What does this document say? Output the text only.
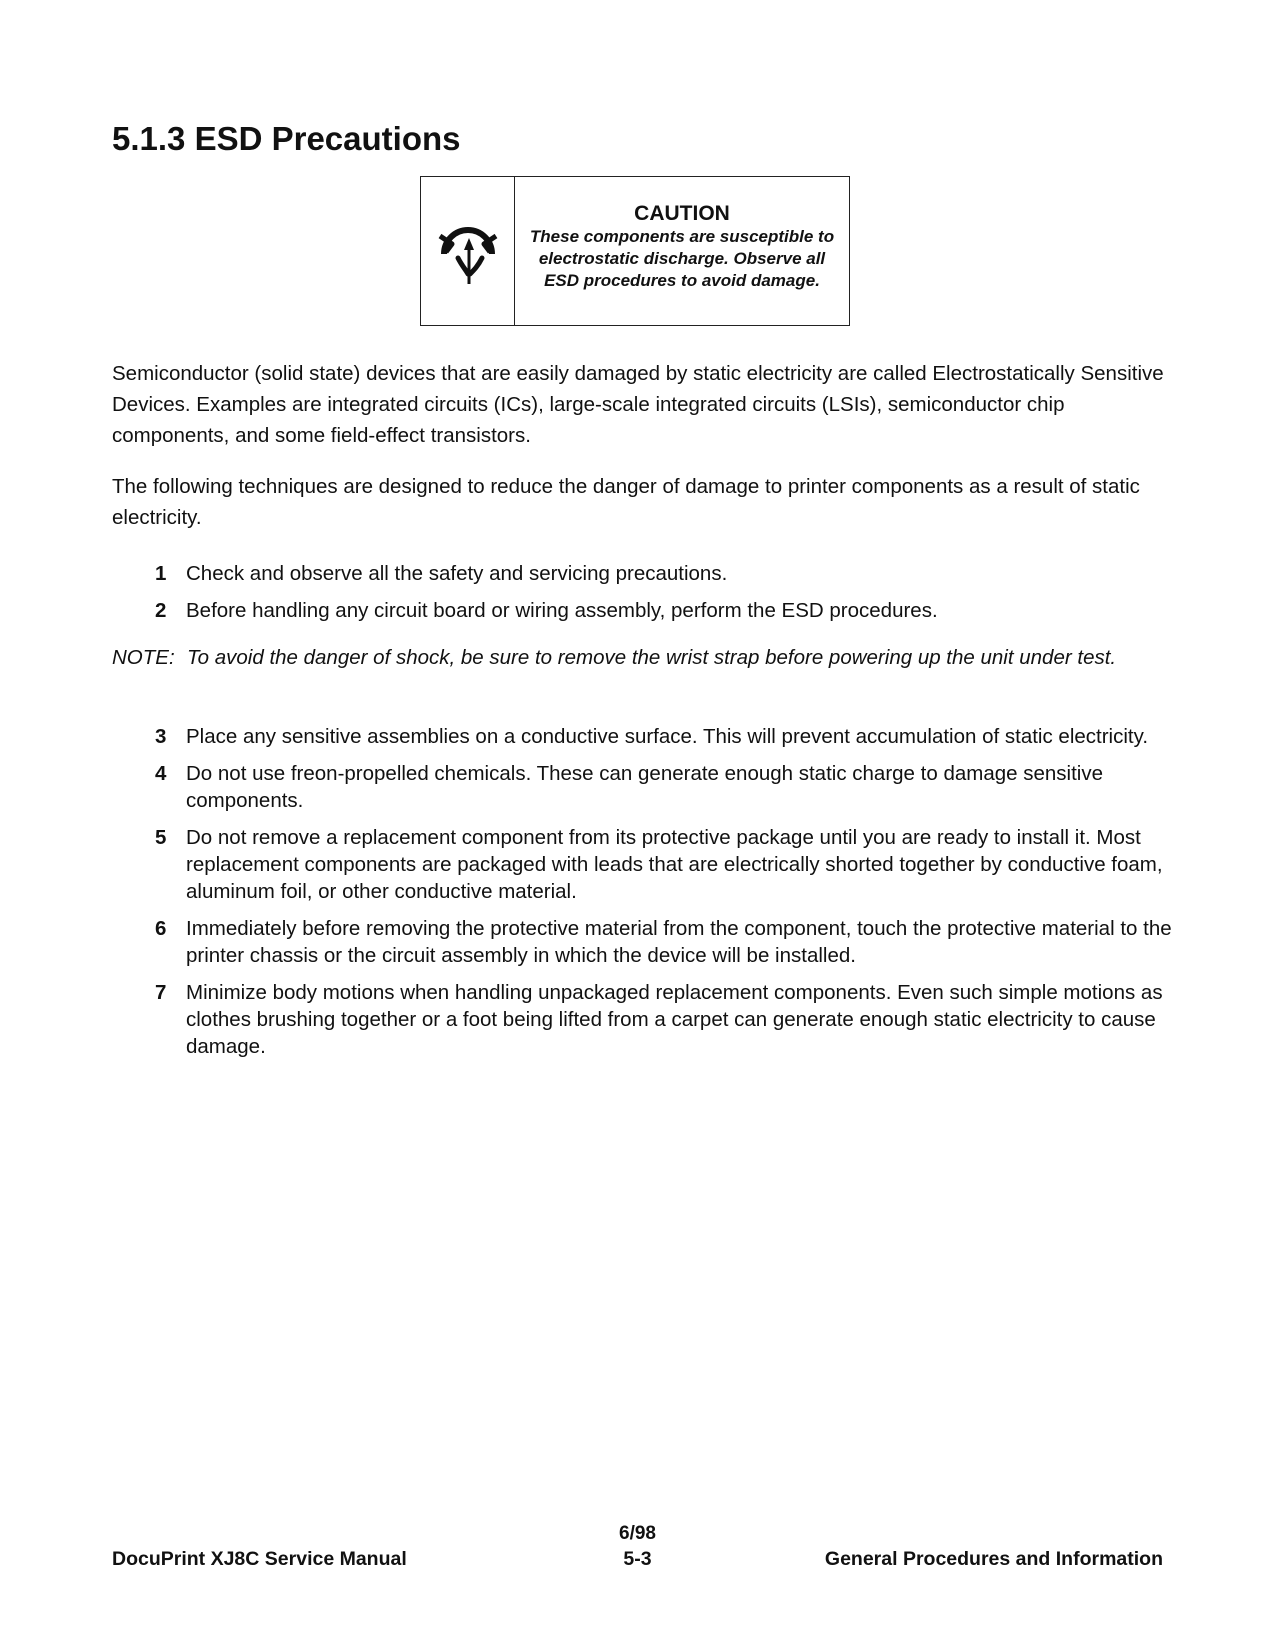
5.1.3 ESD Precautions
CAUTION
These components are susceptible to electrostatic discharge. Observe all ESD procedures to avoid damage.

Semiconductor (solid state) devices that are easily damaged by static electricity are called Electrostatically Sensitive Devices. Examples are integrated circuits (ICs), large-scale integrated circuits (LSIs), semiconductor chip components, and some field-effect transistors.

The following techniques are designed to reduce the danger of damage to printer components as a result of static electricity.

1 Check and observe all the safety and servicing precautions.
2 Before handling any circuit board or wiring assembly, perform the ESD procedures.
NOTE: To avoid the danger of shock, be sure to remove the wrist strap before powering up the unit under test.
3 Place any sensitive assemblies on a conductive surface. This will prevent accumulation of static electricity.
4 Do not use freon-propelled chemicals. These can generate enough static charge to damage sensitive components.
5 Do not remove a replacement component from its protective package until you are ready to install it. Most replacement components are packaged with leads that are electrically shorted together by conductive foam, aluminum foil, or other conductive material.
6 Immediately before removing the protective material from the component, touch the protective material to the printer chassis or the circuit assembly in which the device will be installed.
7 Minimize body motions when handling unpackaged replacement components. Even such simple motions as clothes brushing together or a foot being lifted from a carpet can generate enough static electricity to cause damage.
6/98
DocuPrint XJ8C Service Manual	5-3	General Procedures and Information
